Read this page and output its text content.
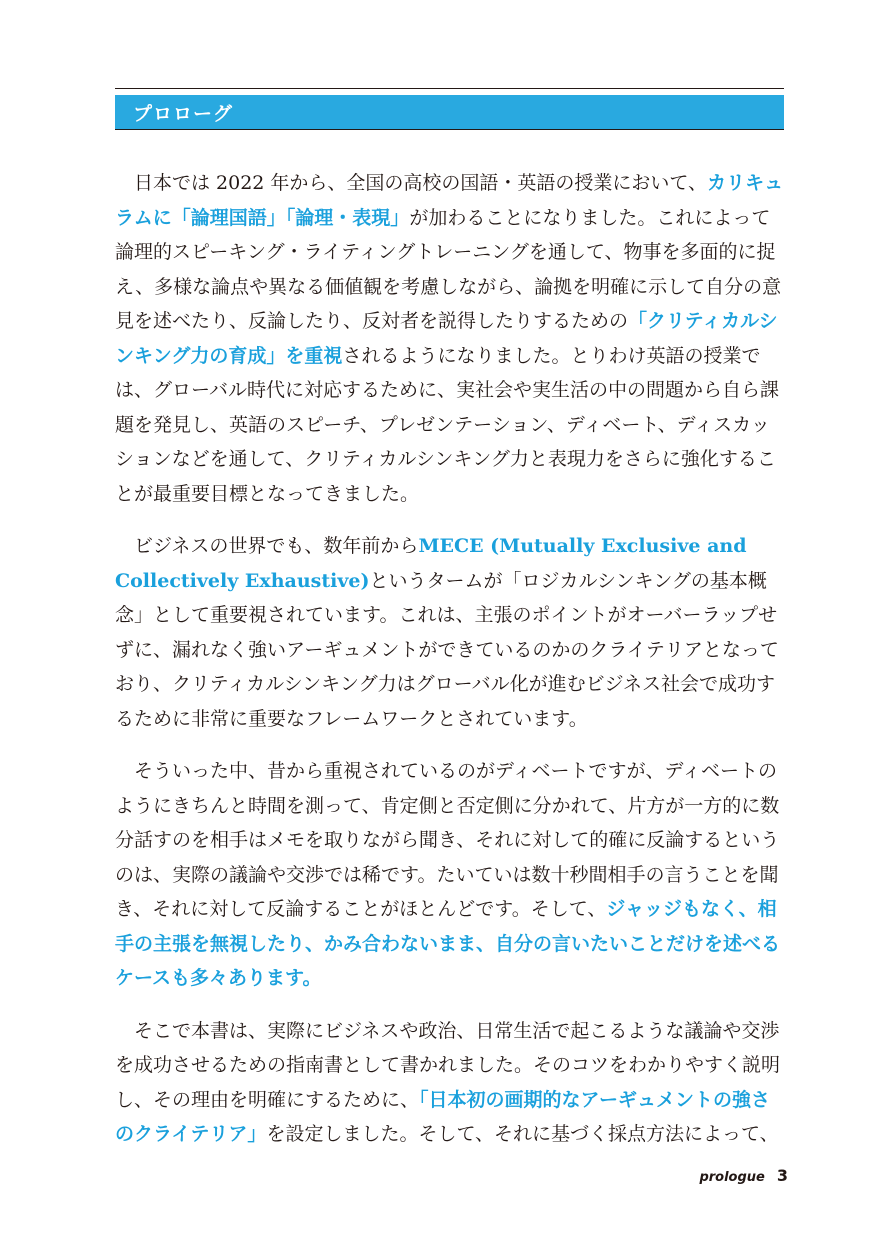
プロローグ

日本では 2022 年から、全国の高校の国語・英語の授業において、カリキュラムに「論理国語」「論理・表現」が加わることになりました。これによって論理的スピーキング・ライティングトレーニングを通して、物事を多面的に捉え、多様な論点や異なる価値観を考慮しながら、論拠を明確に示して自分の意見を述べたり、反論したり、反対者を説得したりするための「クリティカルシンキング力の育成」を重視されるようになりました。とりわけ英語の授業では、グローバル時代に対応するために、実社会や実生活の中の問題から自ら課題を発見し、英語のスピーチ、プレゼンテーション、ディベート、ディスカッションなどを通して、クリティカルシンキング力と表現力をさらに強化することが最重要目標となってきました。

ビジネスの世界でも、数年前からMECE (Mutually Exclusive and Collectively Exhaustive)というタームが「ロジカルシンキングの基本概念」として重要視されています。これは、主張のポイントがオーバーラップせずに、漏れなく強いアーギュメントができているのかのクライテリアとなっており、クリティカルシンキング力はグローバル化が進むビジネス社会で成功するために非常に重要なフレームワークとされています。

そういった中、昔から重視されているのがディベートですが、ディベートのようにきちんと時間を測って、肯定側と否定側に分かれて、片方が一方的に数分話すのを相手はメモを取りながら聞き、それに対して的確に反論するというのは、実際の議論や交渉では稀です。たいていは数十秒間相手の言うことを聞き、それに対して反論することがほとんどです。そして、ジャッジもなく、相手の主張を無視したり、かみ合わないまま、自分の言いたいことだけを述べるケースも多々あります。

そこで本書は、実際にビジネスや政治、日常生活で起こるような議論や交渉を成功させるための指南書として書かれました。そのコツをわかりやすく説明し、その理由を明確にするために、「日本初の画期的なアーギュメントの強さのクライテリア」を設定しました。そして、それに基づく採点方法によって、

prologue 3
